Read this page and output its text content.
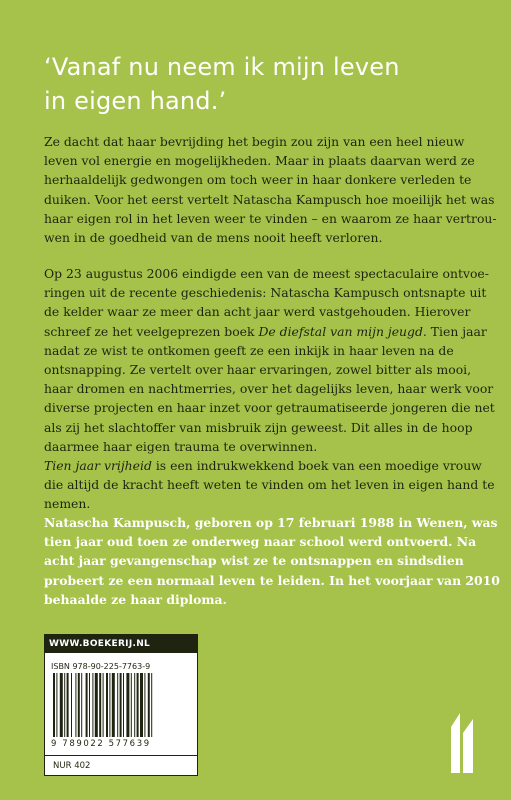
‘Vanaf nu neem ik mijn leven
in eigen hand.’
Ze dacht dat haar bevrijding het begin zou zijn van een heel nieuw
leven vol energie en mogelijkheden. Maar in plaats daarvan werd ze
herhaaldelijk gedwongen om toch weer in haar donkere verleden te
duiken. Voor het eerst vertelt Natascha Kampusch hoe moeilijk het was
haar eigen rol in het leven weer te vinden – en waarom ze haar vertrou-
wen in de goedheid van de mens nooit heeft verloren.
Op 23 augustus 2006 eindigde een van de meest spectaculaire ontvoe-
ringen uit de recente geschiedenis: Natascha Kampusch ontsnapte uit
de kelder waar ze meer dan acht jaar werd vastgehouden. Hierover
schreef ze het veelgeprezen boek De diefstal van mijn jeugd. Tien jaar
nadat ze wist te ontkomen geeft ze een inkijk in haar leven na de
ontsnapping. Ze vertelt over haar ervaringen, zowel bitter als mooi,
haar dromen en nachtmerries, over het dagelijks leven, haar werk voor
diverse projecten en haar inzet voor getraumatiseerde jongeren die net
als zij het slachtoffer van misbruik zijn geweest. Dit alles in de hoop
daarmee haar eigen trauma te overwinnen.
Tien jaar vrijheid is een indrukwekkend boek van een moedige vrouw
die altijd de kracht heeft weten te vinden om het leven in eigen hand te
nemen.
Natascha Kampusch, geboren op 17 februari 1988 in Wenen, was
tien jaar oud toen ze onderweg naar school werd ontvoerd. Na
acht jaar gevangenschap wist ze te ontsnappen en sindsdien
probeert ze een normaal leven te leiden. In het voorjaar van 2010
behaalde ze haar diploma.
WWW.BOEKERIJ.NL
ISBN 978-90-225-7763-9
9 789022 577639
NUR 402
